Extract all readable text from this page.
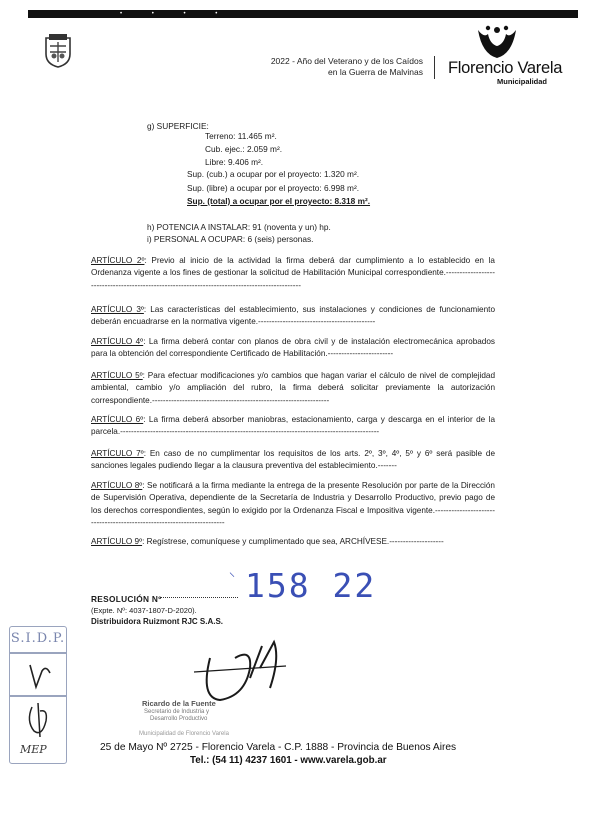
• • • •
2022 - Año del Veterano y de los Caídos
en la Guerra de Malvinas Florencio Varela
Municipalidad
g) SUPERFICIE:
Terreno: 11.465 m².
Cub. ejec.: 2.059 m².
Libre: 9.406 m².
Sup. (cub.) a ocupar por el proyecto: 1.320 m².
Sup. (libre) a ocupar por el proyecto: 6.998 m².
Sup. (total) a ocupar por el proyecto: 8.318 m².
h) POTENCIA A INSTALAR: 91 (noventa y un) hp.
i) PERSONAL A OCUPAR: 6 (seis) personas.
ARTÍCULO 2º: Previo al inicio de la actividad la firma deberá dar cumplimiento a lo establecido en la Ordenanza vigente a los fines de gestionar la solicitud de Habilitación Municipal correspondiente.-----------------------------------------------------------------------------------------------
ARTÍCULO 3º: Las características del establecimiento, sus instalaciones y condiciones de funcionamiento deberán encuadrarse en la normativa vigente.-------------------------------------------
ARTÍCULO 4º: La firma deberá contar con planos de obra civil y de instalación electromecánica aprobados para la obtención del correspondiente Certificado de Habilitación.------------------------
ARTÍCULO 5º: Para efectuar modificaciones y/o cambios que hagan variar el cálculo de nivel de complejidad ambiental, cambio y/o ampliación del rubro, la firma deberá solicitar previamente la autorización correspondiente.-----------------------------------------------------------------
ARTÍCULO 6º: La firma deberá absorber maniobras, estacionamiento, carga y descarga en el interior de la parcela.-----------------------------------------------------------------------------------------------
ARTÍCULO 7º: En caso de no cumplimentar los requisitos de los arts. 2º, 3º, 4º, 5º y 6º será pasible de sanciones legales pudiendo llegar a la clausura preventiva del establecimiento.-------
ARTÍCULO 8º: Se notificará a la firma mediante la entrega de la presente Resolución por parte de la Dirección de Supervisión Operativa, dependiente de la Secretaría de Industria y Desarrollo Productivo, previo pago de los derechos correspondientes, según lo exigido por la Ordenanza Fiscal e Impositiva vigente.-----------------------------------------------------------------------
ARTÍCULO 9º: Regístrese, comuníquese y cumplimentado que sea, ARCHÍVESE.--------------------
RESOLUCIÓN Nº
⸌ 158 22
(Expte. Nº: 4037-1807-D-2020).
Distribuidora Ruizmont RJC S.A.S.
S.I.D.P.
MEP
Ricardo de la Fuente
Secretario de Industria y
Desarrollo Productivo
Municipalidad de Florencio Varela
25 de Mayo Nº 2725 - Florencio Varela - C.P. 1888 - Provincia de Buenos Aires
Tel.: (54 11) 4237 1601 - www.varela.gob.ar
